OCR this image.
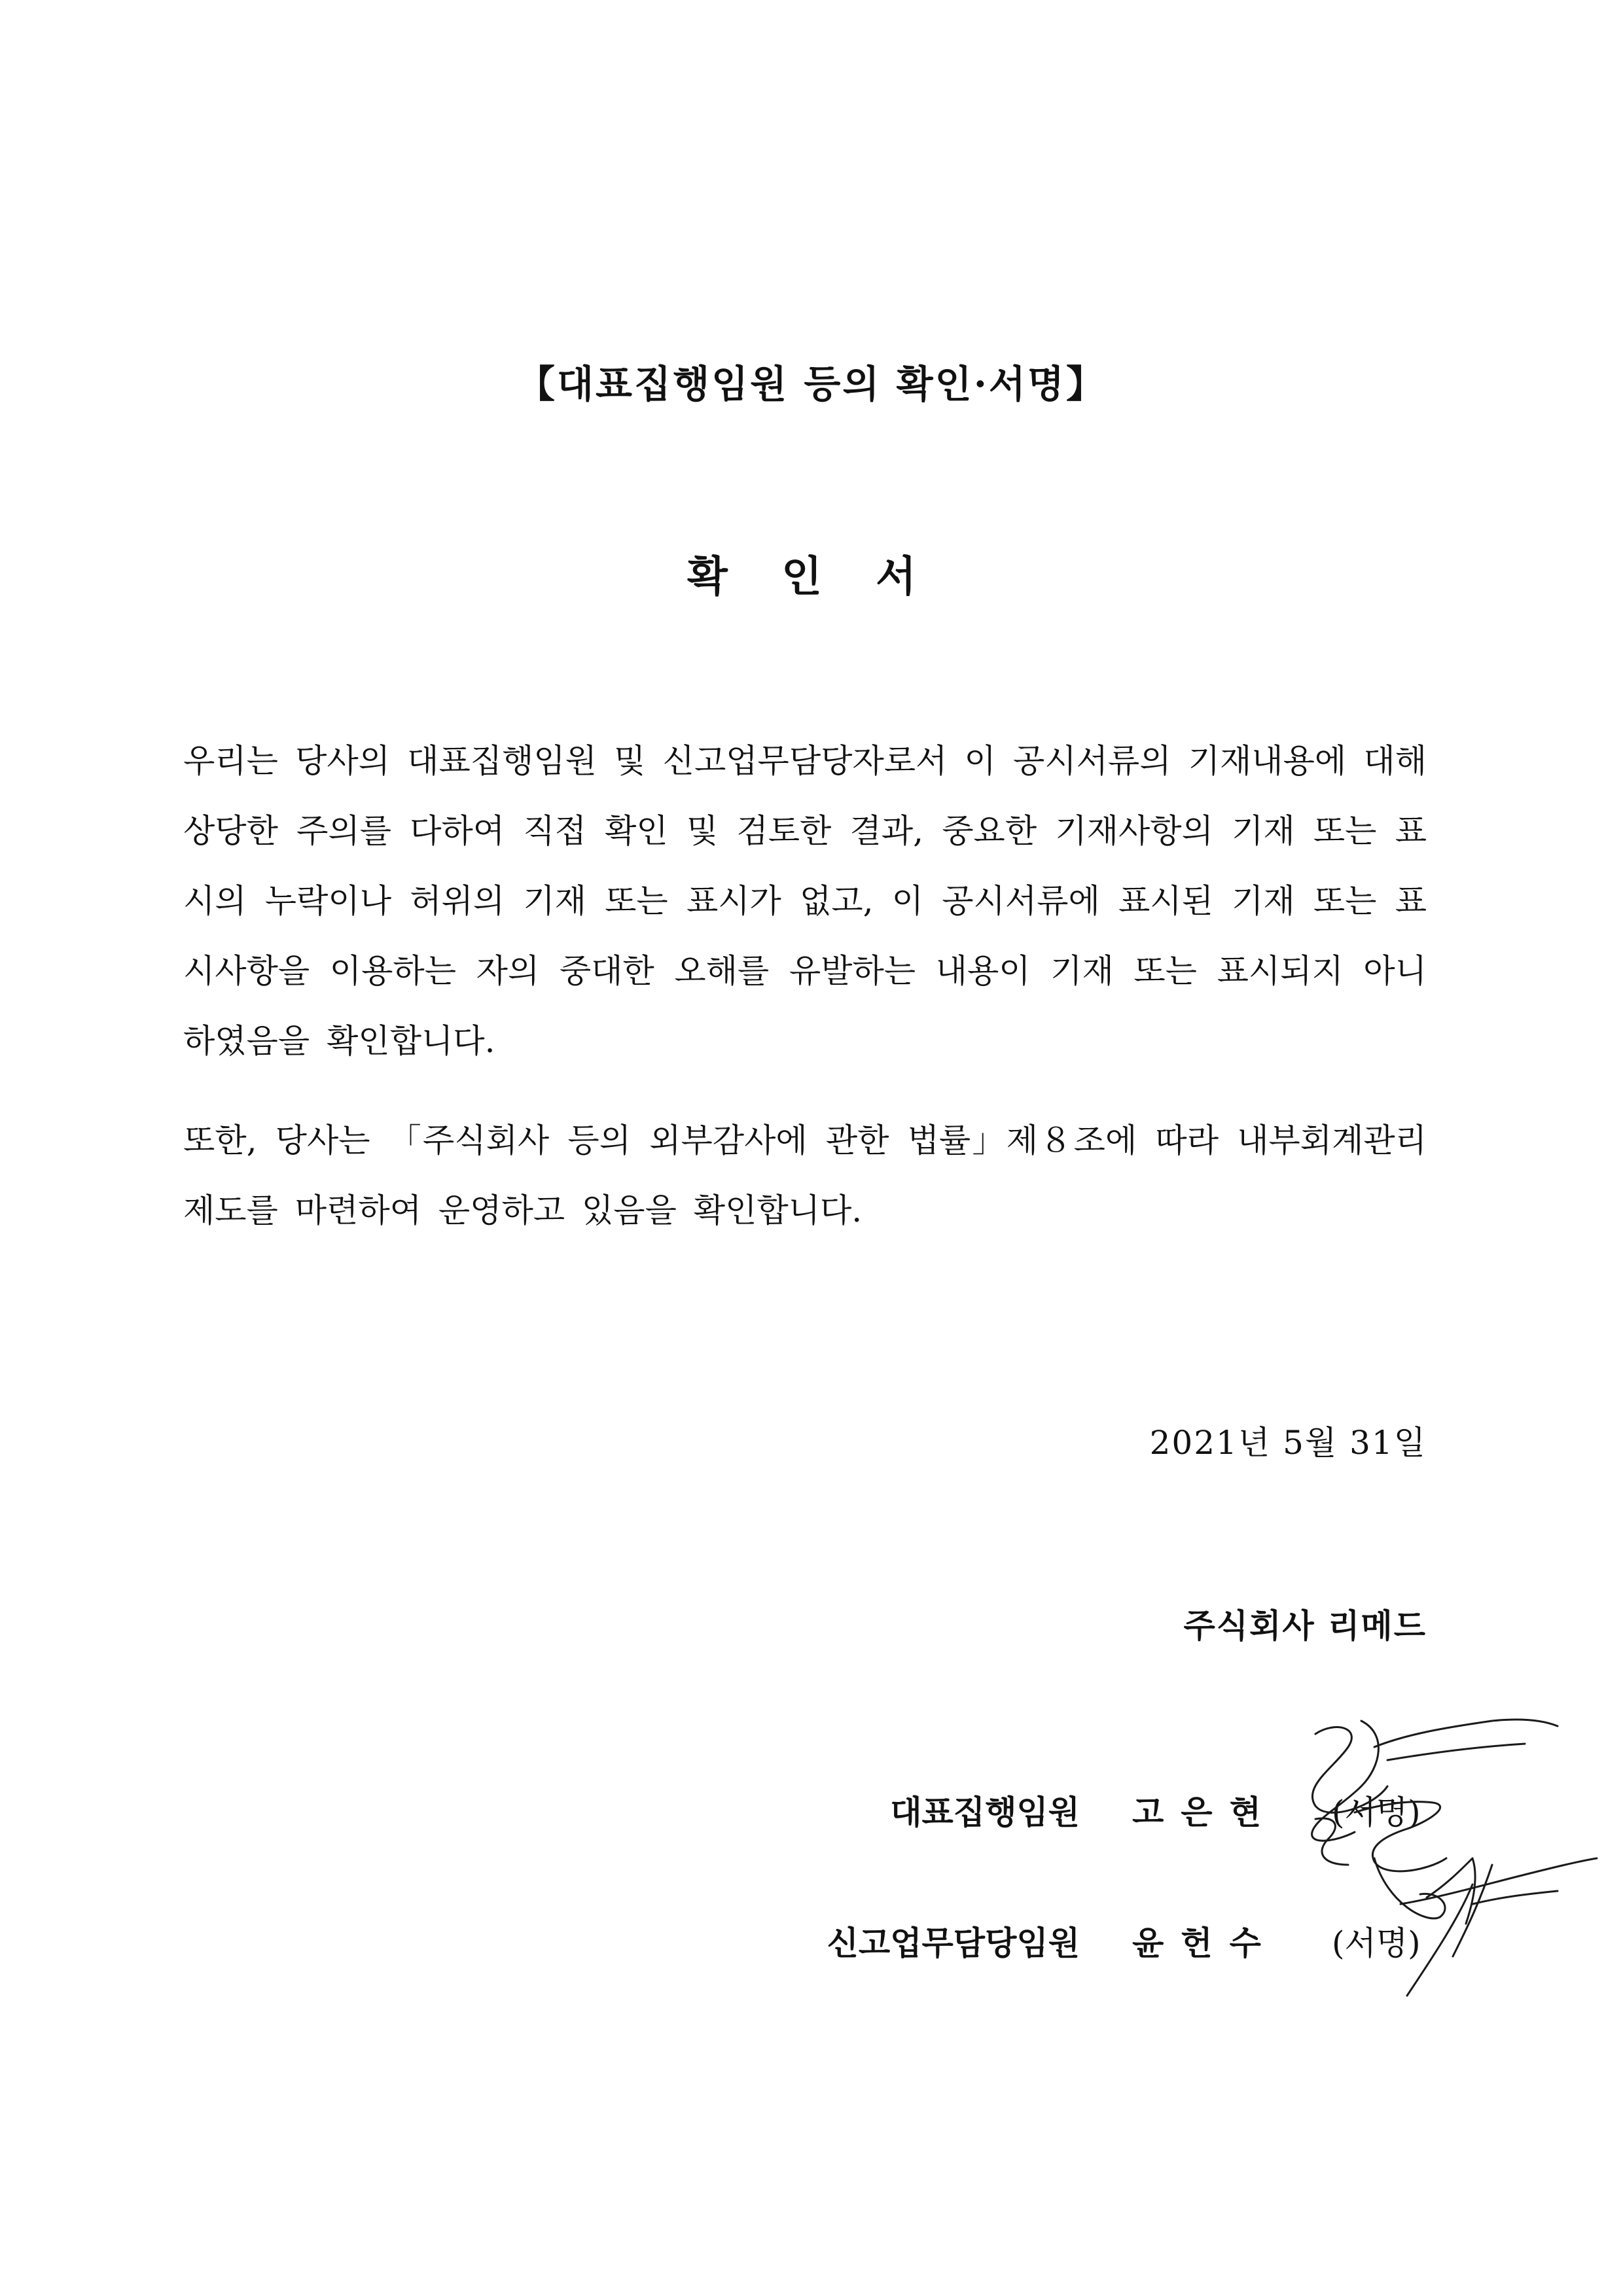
【대표집행임원 등의 확인·서명】
확 인 서
우리는 당사의 대표집행임원 및 신고업무담당자로서 이 공시서류의 기재내용에 대해 상당한 주의를 다하여 직접 확인 및 검토한 결과, 중요한 기재사항의 기재 또는 표시의 누락이나 허위의 기재 또는 표시가 없고, 이 공시서류에 표시된 기재 또는 표시사항을 이용하는 자의 중대한 오해를 유발하는 내용이 기재 또는 표시되지 아니하였음을 확인합니다.
또한, 당사는 「주식회사 등의 외부감사에 관한 법률」제８조에 따라 내부회계관리제도를 마련하여 운영하고 있음을 확인합니다.
2021년 5월 31일
주식회사 리메드
대표집행임원 고은현 (서명)
신고업무담당임원 윤헌수 (서명)
